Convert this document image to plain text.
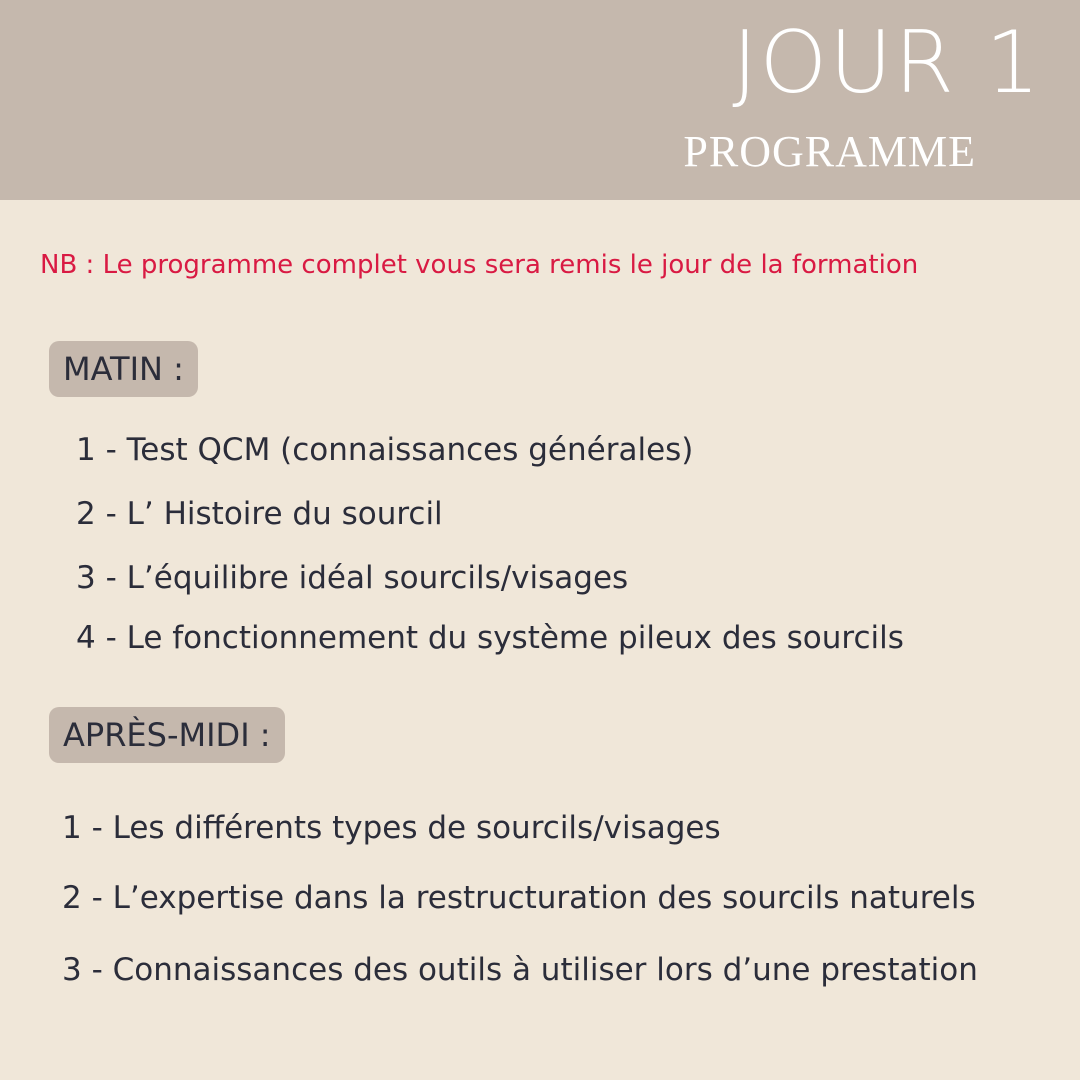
JOUR 1
PROGRAMME

NB : Le programme complet vous sera remis le jour de la formation

MATIN :

1 - Test QCM (connaissances générales)

2 - L’ Histoire du sourcil

3 - L’équilibre idéal sourcils/visages

4 - Le fonctionnement du système pileux des sourcils

APRÈS-MIDI :

1 - Les différents types de sourcils/visages

2 - L’expertise dans la restructuration des sourcils naturels

3 - Connaissances des outils à utiliser lors d’une prestation
